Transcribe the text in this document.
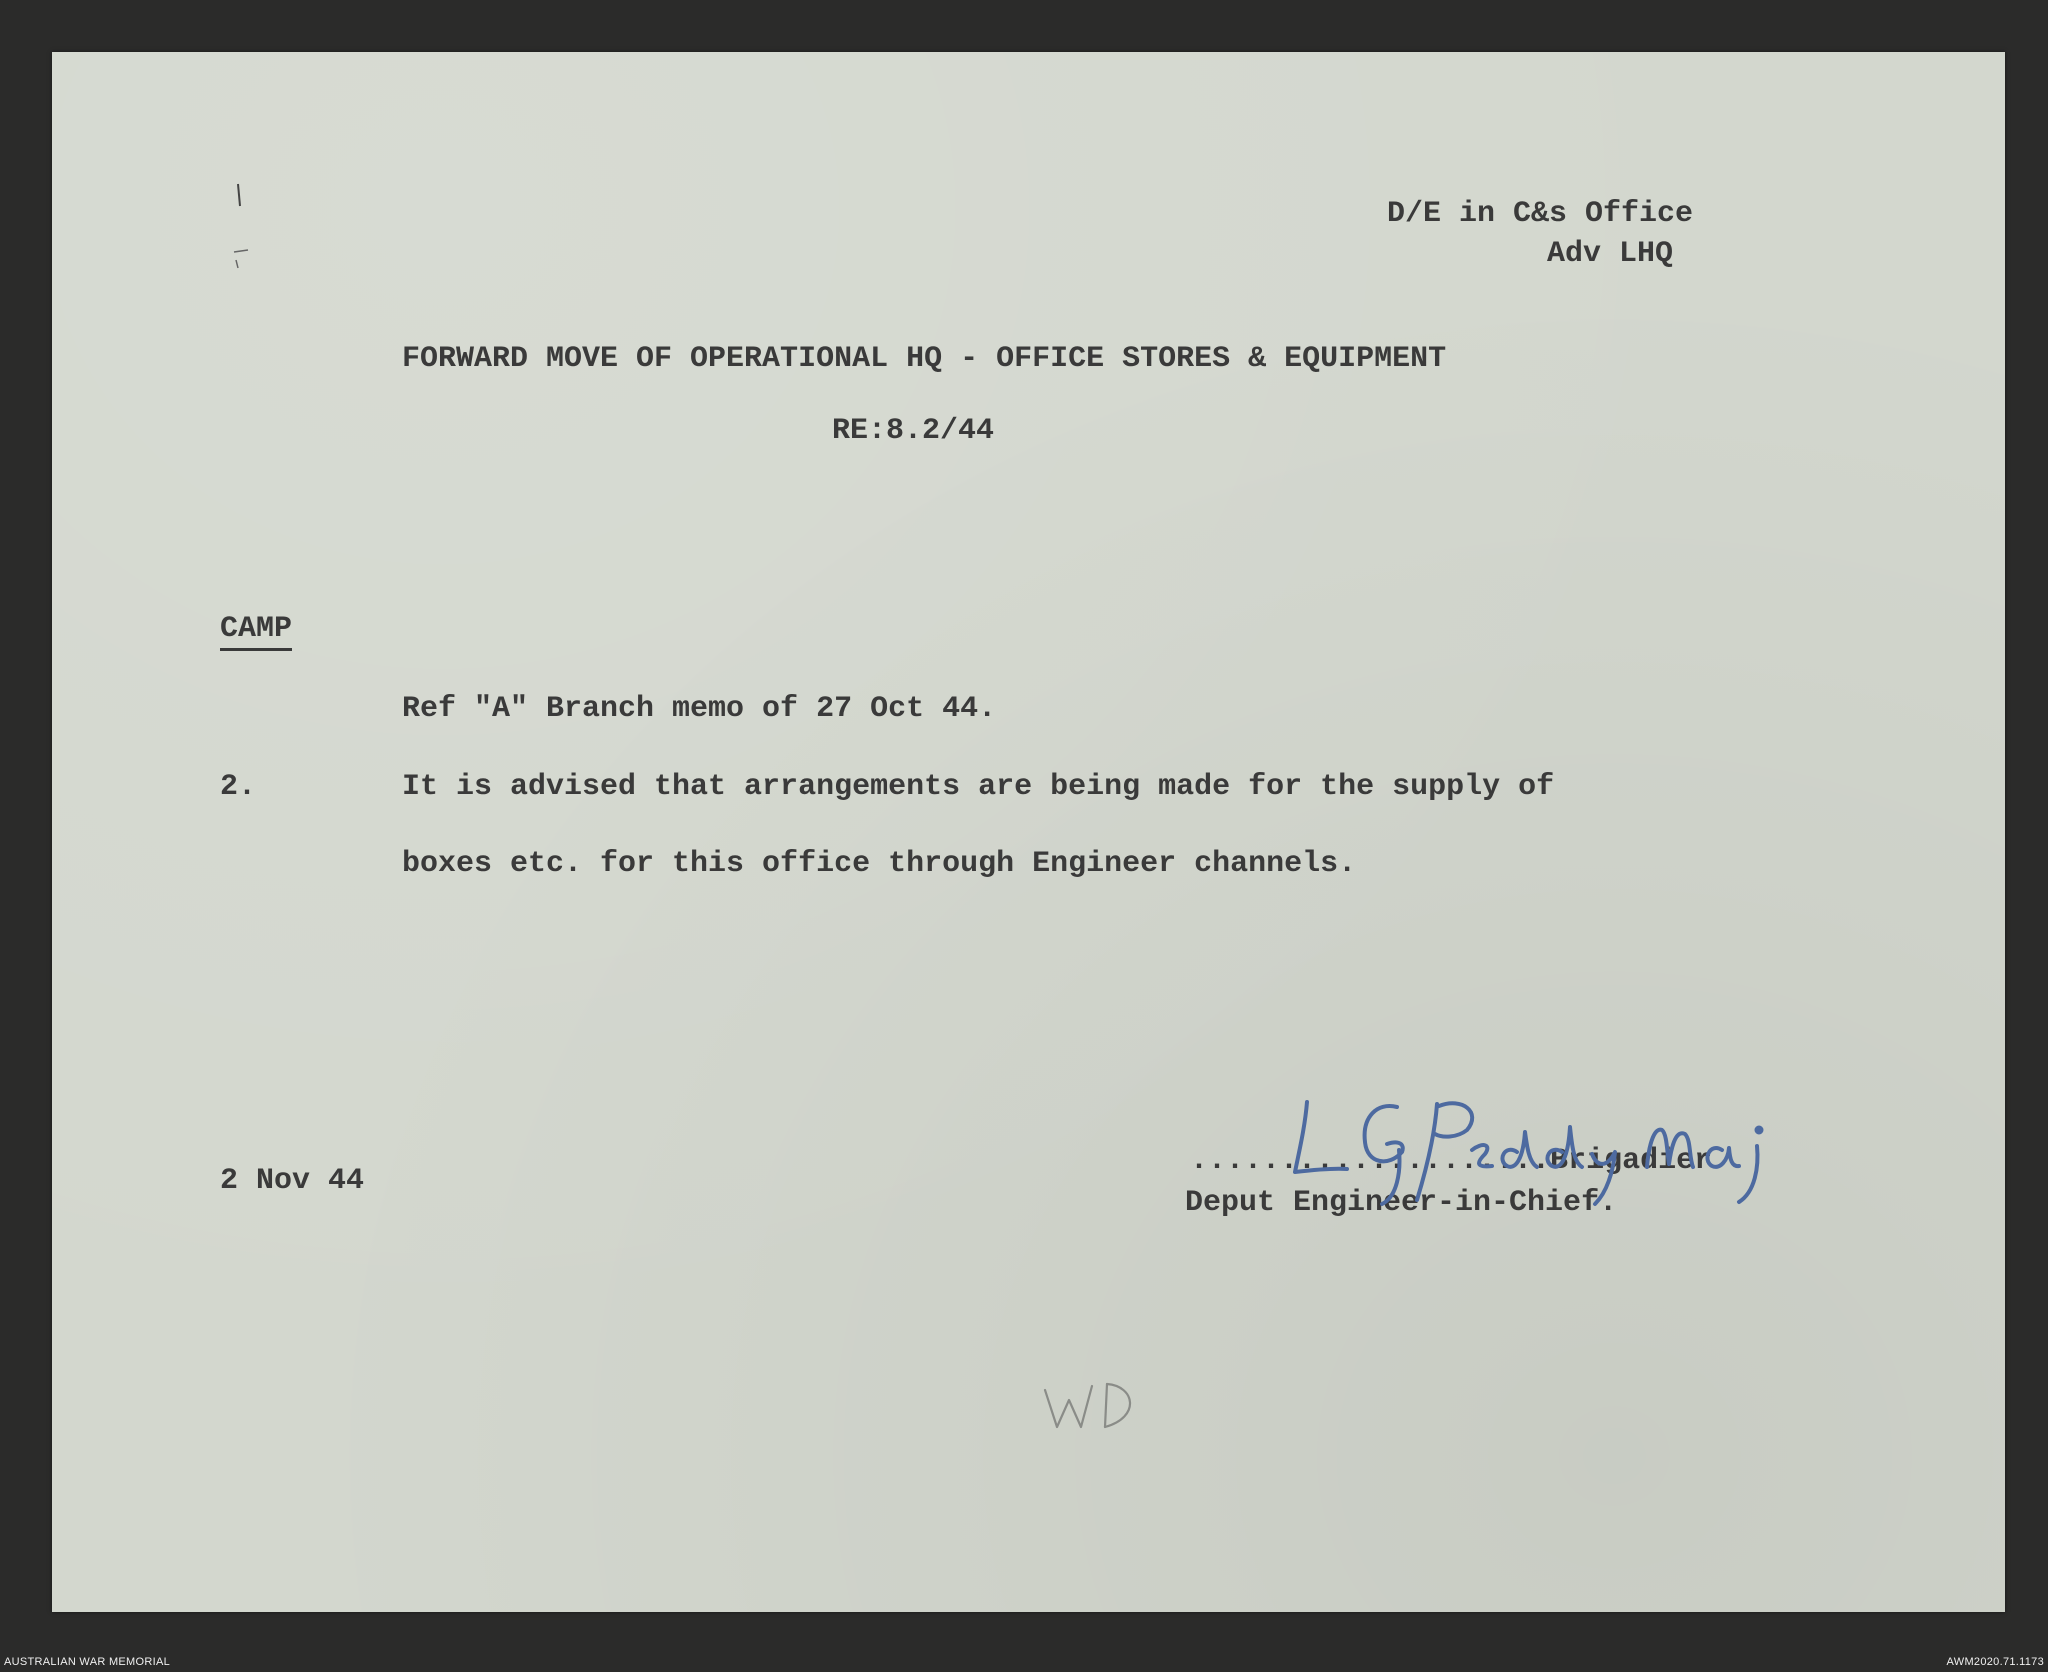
D/E in C&s Office
Adv LHQ
FORWARD MOVE OF OPERATIONAL HQ - OFFICE STORES & EQUIPMENT
RE:8.2/44
CAMP
Ref "A" Branch memo of 27 Oct 44.
2.	It is advised that arrangements are being made for the supply of
boxes etc. for this office through Engineer channels.
2 Nov 44
....................Brigadier
Deput Engineer-in-Chief.
AUSTRALIAN WAR MEMORIAL	AWM2020.71.1173
